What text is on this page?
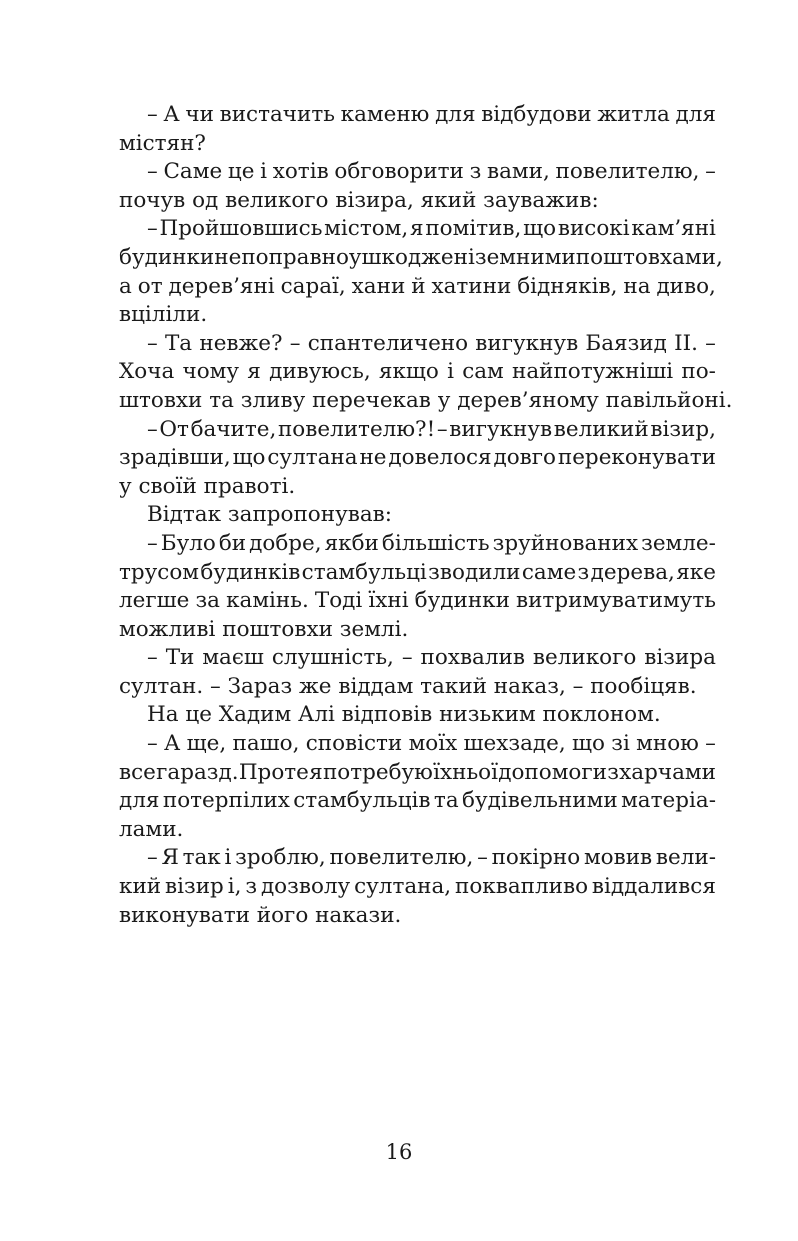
– А чи вистачить каменю для відбудови житла для
містян?
– Саме це і хотів обговорити з вами, повелителю, –
почув од великого візира, який зауважив:
– Пройшовшись містом, я помітив, що високі кам’яні
будинки непоправно ушкоджені земними поштовхами,
а от дерев’яні сараї, хани й хатини бідняків, на диво,
вціліли.
– Та невже? – спантеличено вигукнув Баязид II. –
Хоча чому я дивуюсь, якщо і сам найпотужніші по-
штовхи та зливу перечекав у дерев’яному павільйоні.
– От бачите, повелителю?! – вигукнув великий візир,
зрадівши, що султана не довелося довго переконувати
у своїй правоті.
Відтак запропонував:
– Було би добре, якби більшість зруйнованих земле-
трусом будинків стамбульці зводили саме з дерева, яке
легше за камінь. Тоді їхні будинки витримуватимуть
можливі поштовхи землі.
– Ти маєш слушність, – похвалив великого візира
султан. – Зараз же віддам такий наказ, – пообіцяв.
На це Хадим Алі відповів низьким поклоном.
– А ще, пашо, сповісти моїх шехзаде, що зі мною –
все гаразд. Проте я потребую їхньої допомоги з харчами
для потерпілих стамбульців та будівельними матеріа-
лами.
– Я так і зроблю, повелителю, – покірно мовив вели-
кий візир і, з дозволу султана, поквапливо віддалився
виконувати його накази.
16
